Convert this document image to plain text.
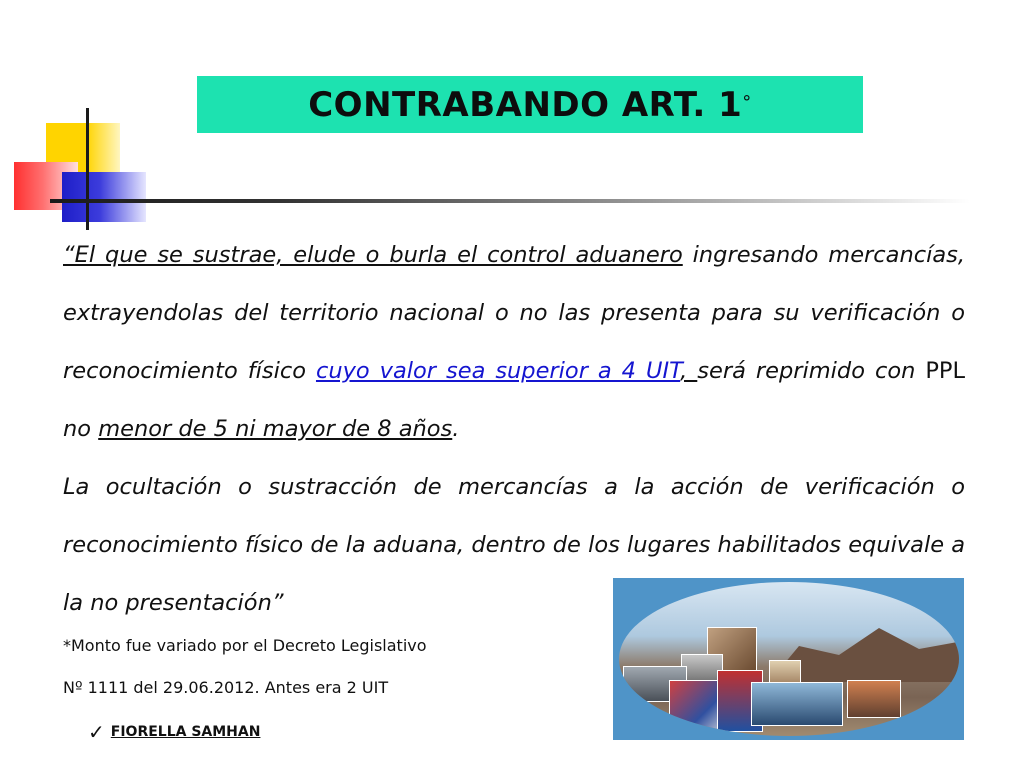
CONTRABANDO ART. 1°

“El que se sustrae, elude o burla el control aduanero ingresando mercancías, extrayendolas del territorio nacional o no las presenta para su verificación o reconocimiento físico cuyo valor sea superior a 4 UIT, será reprimido con PPL no menor de 5 ni mayor de 8 años.

La ocultación o sustracción de mercancías a la acción de verificación o reconocimiento físico de la aduana, dentro de los lugares habilitados equivale a la no presentación”

*Monto fue variado por el Decreto Legislativo
Nº 1111 del 29.06.2012. Antes era 2 UIT
✓ FIORELLA SAMHAN
